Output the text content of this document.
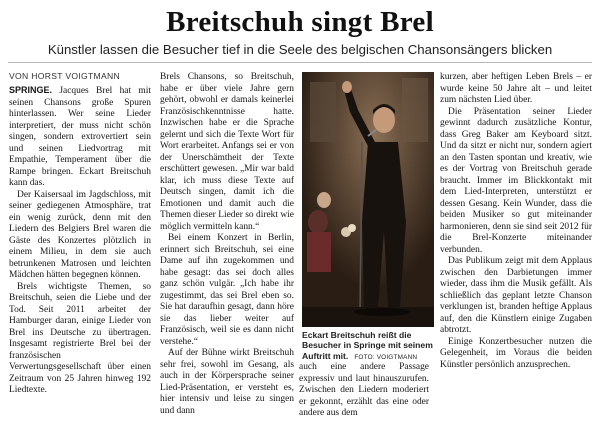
Breitschuh singt Brel
Künstler lassen die Besucher tief in die Seele des belgischen Chansonsängers blicken
VON HORST VOIGTMANN

SPRINGE. Jacques Brel hat mit seinen Chansons große Spuren hinterlassen. Wer seine Lieder interpretiert, der muss nicht schön singen, sondern extrovertiert sein und seinen Liedvortrag mit Empathie, Temperament über die Rampe bringen. Eckart Breitschuh kann das.

Der Kaisersaal im Jagdschloss, mit seiner gediegenen Atmosphäre, trat ein wenig zurück, denn mit den Liedern des Belgiers Brel waren die Gäste des Konzertes plötzlich in einem Milieu, in dem sie auch betrunkenen Matrosen und leichten Mädchen hätten begegnen können.

Brels wichtigste Themen, so Breitschuh, seien die Liebe und der Tod. Seit 2011 arbeitet der Hamburger daran, einige Lieder von Brel ins Deutsche zu übertragen. Insgesamt registrierte Brel bei der französischen Verwertungsgesellschaft über einen Zeitraum von 25 Jahren hinweg 192 Liedtexte.

Brels Chansons, so Breitschuh, habe er über viele Jahre gern gehört, obwohl er damals keinerlei Französischkenntnisse hatte. Inzwischen habe er die Sprache gelernt und sich die Texte Wort für Wort erarbeitet. Anfangs sei er von der Unerschämtheit der Texte erschüttert gewesen. „Mir war bald klar, ich muss diese Texte auf Deutsch singen, damit ich die Emotionen und damit auch die Themen dieser Lieder so direkt wie möglich vermitteln kann.“

Bei einem Konzert in Berlin, erinnert sich Breitschuh, sei eine Dame auf ihn zugekommen und habe gesagt: das sei doch alles ganz schön vulgär. „Ich habe ihr zugestimmt, das sei Brel eben so. Sie hat daraufhin gesagt, dann höre sie das lieber weiter auf Französisch, weil sie es dann nicht verstehe.“

Auf der Bühne wirkt Breitschuh sehr frei, sowohl im Gesang, als auch in der Körpersprache seiner Lied-Präsentation, er versteht es, hier intensiv und leise zu singen und dann

Eckart Breitschuh reißt die Besucher in Springe mit seinem Auftritt mit. FOTO: VOIGTMANN

auch eine andere Passage expressiv und laut hinauszurufen. Zwischen den Liedern moderiert er gekonnt, erzählt das eine oder andere aus dem

kurzen, aber heftigen Leben Brels – er wurde keine 50 Jahre alt – und leitet zum nächsten Lied über.

Die Präsentation seiner Lieder gewinnt dadurch zusätzliche Kontur, dass Greg Baker am Keyboard sitzt. Und da sitzt er nicht nur, sondern agiert an den Tasten spontan und kreativ, wie es der Vortrag von Breitschuh gerade braucht. Immer im Blickkontakt mit dem Lied-Interpreten, unterstützt er dessen Gesang. Kein Wunder, dass die beiden Musiker so gut miteinander harmonieren, denn sie sind seit 2012 für die Brel-Konzerte miteinander verbunden.

Das Publikum zeigt mit dem Applaus zwischen den Darbietungen immer wieder, dass ihm die Musik gefällt. Als schließlich das geplant letzte Chanson verklungen ist, branden heftige Applaus auf, den die Künstlern einige Zugaben abtrotzt.

Einige Konzertbesucher nutzen die Gelegenheit, im Voraus die beiden Künstler persönlich anzusprechen.
